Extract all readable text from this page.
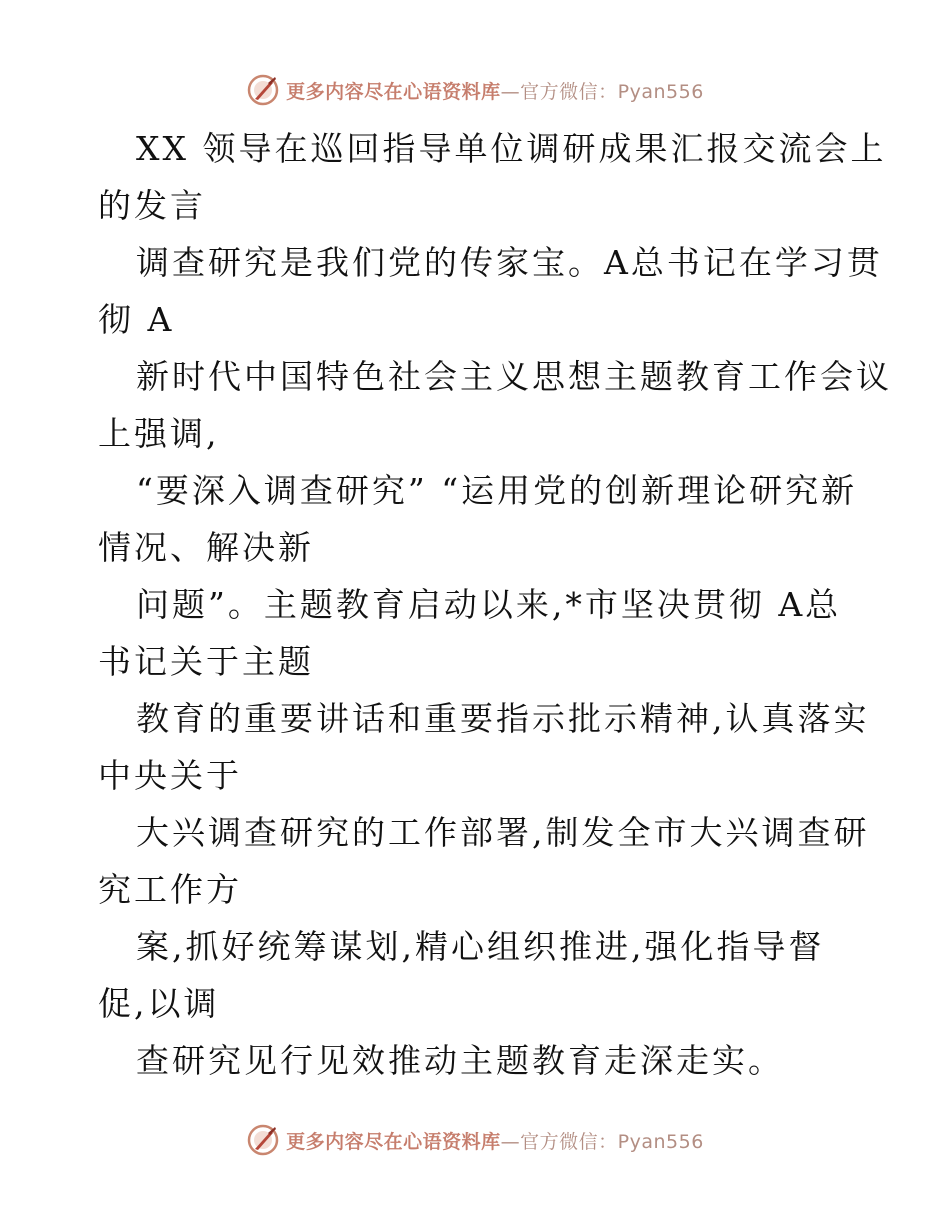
更多内容尽在心语资料库—官方微信：Pyan556
XX 领导在巡回指导单位调研成果汇报交流会上
的发言
调查研究是我们党的传家宝。A总书记在学习贯
彻 A
新时代中国特色社会主义思想主题教育工作会议
上强调,
“要深入调查研究” “运用党的创新理论研究新
情况、解决新
问题”。主题教育启动以来,*市坚决贯彻 A总
书记关于主题
教育的重要讲话和重要指示批示精神,认真落实
中央关于
大兴调查研究的工作部署,制发全市大兴调查研
究工作方
案,抓好统筹谋划,精心组织推进,强化指导督
促,以调
查研究见行见效推动主题教育走深走实。
更多内容尽在心语资料库—官方微信：Pyan556
